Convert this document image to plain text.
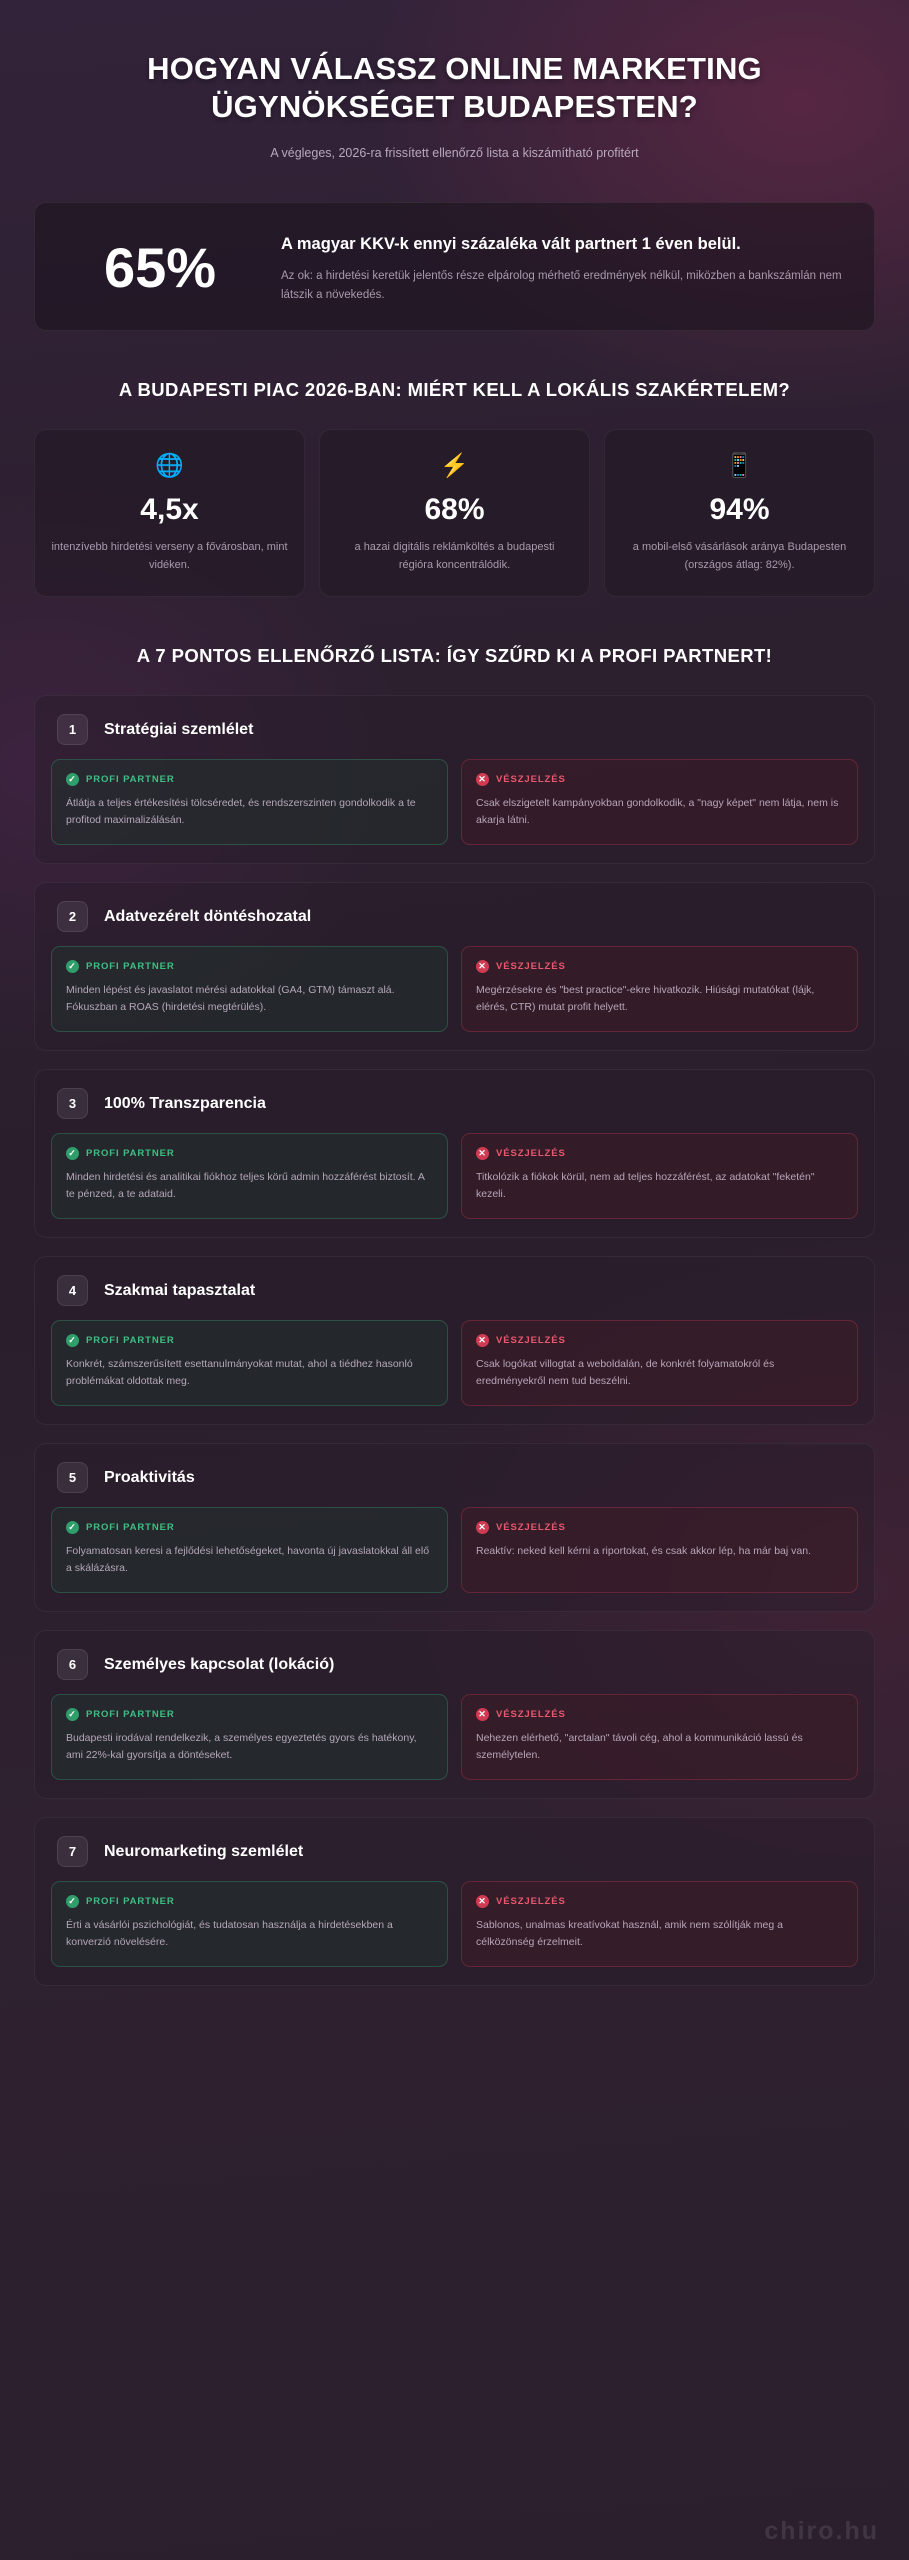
HOGYAN VÁLASSZ ONLINE MARKETING ÜGYNÖKSÉGET BUDAPESTEN?
A végleges, 2026-ra frissített ellenőrző lista a kiszámítható profitért
65%	A magyar KKV-k ennyi százaléka vált partnert 1 éven belül.
Az ok: a hirdetési keretük jelentős része elpárolog mérhető eredmények nélkül, miközben a bankszámlán nem látszik a növekedés.
A BUDAPESTI PIAC 2026-BAN: MIÉRT KELL A LOKÁLIS SZAKÉRTELEM?
🌐
4,5x
intenzívebb hirdetési verseny a fővárosban, mint vidéken.
⚡
68%
a hazai digitális reklámköltés a budapesti régióra koncentrálódik.
📱
94%
a mobil-első vásárlások aránya Budapesten (országos átlag: 82%).
A 7 PONTOS ELLENŐRZŐ LISTA: ÍGY SZŰRD KI A PROFI PARTNERT!
1	Stratégiai szemlélet
✓ PROFI PARTNER
Átlátja a teljes értékesítési tölcséredet, és rendszerszinten gondolkodik a te profitod maximalizálásán.
✕ VÉSZJELZÉS
Csak elszigetelt kampányokban gondolkodik, a "nagy képet" nem látja, nem is akarja látni.
2	Adatvezérelt döntéshozatal
✓ PROFI PARTNER
Minden lépést és javaslatot mérési adatokkal (GA4, GTM) támaszt alá. Fókuszban a ROAS (hirdetési megtérülés).
✕ VÉSZJELZÉS
Megérzésekre és "best practice"-ekre hivatkozik. Hiúsági mutatókat (lájk, elérés, CTR) mutat profit helyett.
3	100% Transzparencia
✓ PROFI PARTNER
Minden hirdetési és analitikai fiókhoz teljes körű admin hozzáférést biztosít. A te pénzed, a te adataid.
✕ VÉSZJELZÉS
Titkolózik a fiókok körül, nem ad teljes hozzáférést, az adatokat "feketén" kezeli.
4	Szakmai tapasztalat
✓ PROFI PARTNER
Konkrét, számszerűsített esettanulmányokat mutat, ahol a tiédhez hasonló problémákat oldottak meg.
✕ VÉSZJELZÉS
Csak logókat villogtat a weboldalán, de konkrét folyamatokról és eredményekről nem tud beszélni.
5	Proaktivitás
✓ PROFI PARTNER
Folyamatosan keresi a fejlődési lehetőségeket, havonta új javaslatokkal áll elő a skálázásra.
✕ VÉSZJELZÉS
Reaktív: neked kell kérni a riportokat, és csak akkor lép, ha már baj van.
6	Személyes kapcsolat (lokáció)
✓ PROFI PARTNER
Budapesti irodával rendelkezik, a személyes egyeztetés gyors és hatékony, ami 22%-kal gyorsítja a döntéseket.
✕ VÉSZJELZÉS
Nehezen elérhető, "arctalan" távoli cég, ahol a kommunikáció lassú és személytelen.
7	Neuromarketing szemlélet
✓ PROFI PARTNER
Érti a vásárlói pszichológiát, és tudatosan használja a hirdetésekben a konverzió növelésére.
✕ VÉSZJELZÉS
Sablonos, unalmas kreatívokat használ, amik nem szólítják meg a célközönség érzelmeit.
chiro.hu
